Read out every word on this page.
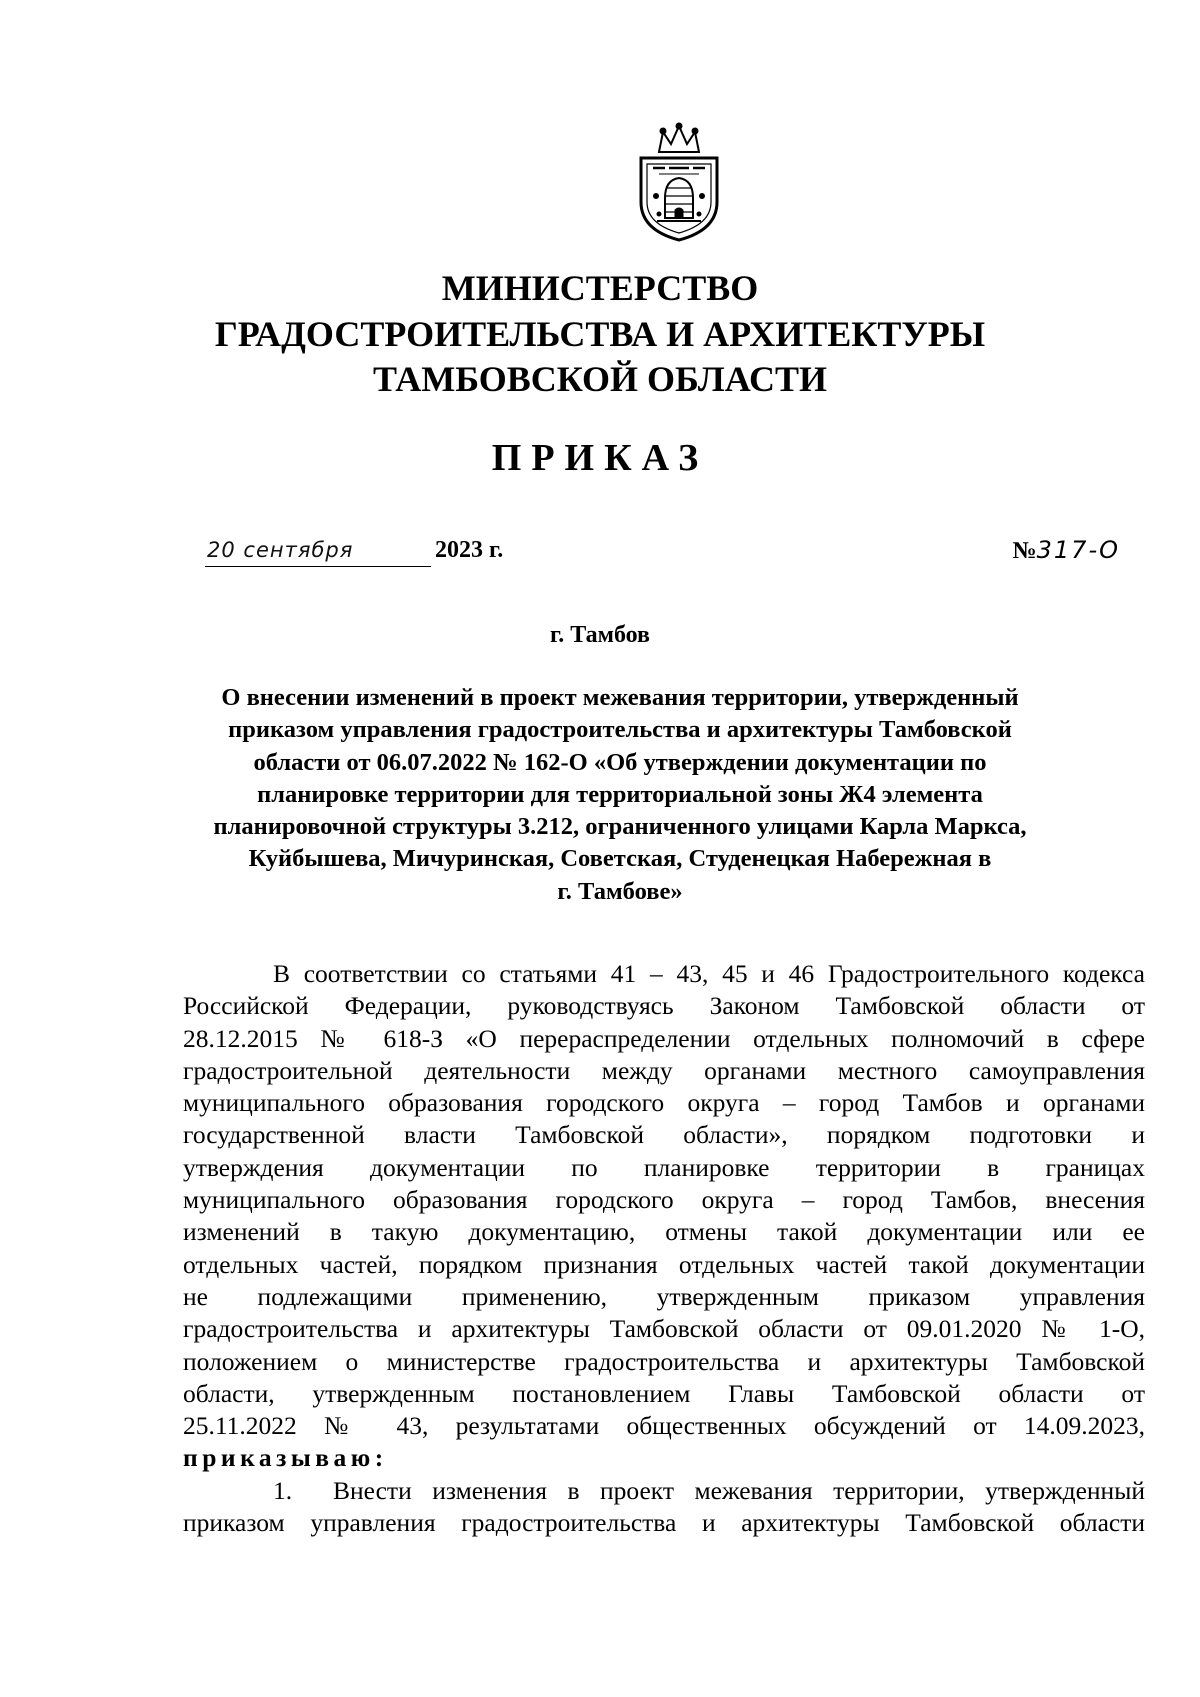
МИНИСТЕРСТВО
ГРАДОСТРОИТЕЛЬСТВА И АРХИТЕКТУРЫ
ТАМБОВСКОЙ ОБЛАСТИ
ПРИКАЗ
20 сентября	2023 г.	№317-О
г. Тамбов
О внесении изменений в проект межевания территории, утвержденный
приказом управления градостроительства и архитектуры Тамбовской
области от 06.07.2022 № 162-О «Об утверждении документации по
планировке территории для территориальной зоны Ж4 элемента
планировочной структуры 3.212, ограниченного улицами Карла Маркса,
Куйбышева, Мичуринская, Советская, Студенецкая Набережная в
г. Тамбове»
В соответствии со статьями 41 – 43, 45 и 46 Градостроительного кодекса
Российской Федерации, руководствуясь Законом Тамбовской области от
28.12.2015 № 618-З «О перераспределении отдельных полномочий в сфере
градостроительной деятельности между органами местного самоуправления
муниципального образования городского округа – город Тамбов и органами
государственной власти Тамбовской области», порядком подготовки и
утверждения документации по планировке территории в границах
муниципального образования городского округа – город Тамбов, внесения
изменений в такую документацию, отмены такой документации или ее
отдельных частей, порядком признания отдельных частей такой документации
не подлежащими применению, утвержденным приказом управления
градостроительства и архитектуры Тамбовской области от 09.01.2020 № 1-О,
положением о министерстве градостроительства и архитектуры Тамбовской
области, утвержденным постановлением Главы Тамбовской области от
25.11.2022 № 43, результатами общественных обсуждений от 14.09.2023,
приказываю:
1. Внести изменения в проект межевания территории, утвержденный
приказом управления градостроительства и архитектуры Тамбовской области
